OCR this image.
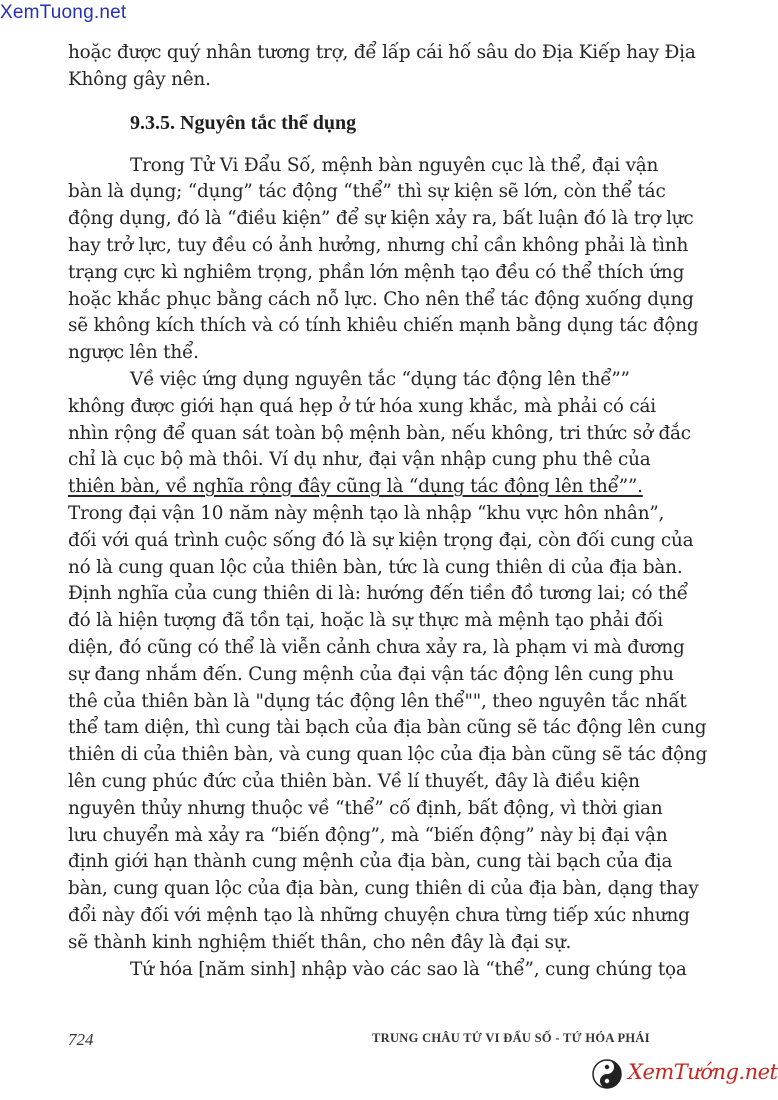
XemTuong.net
hoặc được quý nhân tương trợ, để lấp cái hố sâu do Địa Kiếp hay Địa
Không gây nên.
9.3.5. Nguyên tắc thể dụng
Trong Tử Vi Đẩu Số, mệnh bàn nguyên cục là thể, đại vận
bàn là dụng; “dụng” tác động “thể” thì sự kiện sẽ lớn, còn thể tác
động dụng, đó là “điều kiện” để sự kiện xảy ra, bất luận đó là trợ lực
hay trở lực, tuy đều có ảnh hưởng, nhưng chỉ cần không phải là tình
trạng cực kì nghiêm trọng, phần lớn mệnh tạo đều có thể thích ứng
hoặc khắc phục bằng cách nỗ lực. Cho nên thể tác động xuống dụng
sẽ không kích thích và có tính khiêu chiến mạnh bằng dụng tác động
ngược lên thể.
Về việc ứng dụng nguyên tắc “dụng tác động lên thể””
không được giới hạn quá hẹp ở tứ hóa xung khắc, mà phải có cái
nhìn rộng để quan sát toàn bộ mệnh bàn, nếu không, tri thức sở đắc
chỉ là cục bộ mà thôi. Ví dụ như, đại vận nhập cung phu thê của
thiên bàn, về nghĩa rộng đây cũng là “dụng tác động lên thể””.
Trong đại vận 10 năm này mệnh tạo là nhập “khu vực hôn nhân”,
đối với quá trình cuộc sống đó là sự kiện trọng đại, còn đối cung của
nó là cung quan lộc của thiên bàn, tức là cung thiên di của địa bàn.
Định nghĩa của cung thiên di là: hướng đến tiền đồ tương lai; có thể
đó là hiện tượng đã tồn tại, hoặc là sự thực mà mệnh tạo phải đối
diện, đó cũng có thể là viễn cảnh chưa xảy ra, là phạm vi mà đương
sự đang nhắm đến. Cung mệnh của đại vận tác động lên cung phu
thê của thiên bàn là "dụng tác động lên thể"", theo nguyên tắc nhất
thể tam diện, thì cung tài bạch của địa bàn cũng sẽ tác động lên cung
thiên di của thiên bàn, và cung quan lộc của địa bàn cũng sẽ tác động
lên cung phúc đức của thiên bàn. Về lí thuyết, đây là điều kiện
nguyên thủy nhưng thuộc về “thể” cố định, bất động, vì thời gian
lưu chuyển mà xảy ra “biến động”, mà “biến động” này bị đại vận
định giới hạn thành cung mệnh của địa bàn, cung tài bạch của địa
bàn, cung quan lộc của địa bàn, cung thiên di của địa bàn, dạng thay
đổi này đối với mệnh tạo là những chuyện chưa từng tiếp xúc nhưng
sẽ thành kinh nghiệm thiết thân, cho nên đây là đại sự.
Tứ hóa [năm sinh] nhập vào các sao là “thể”, cung chúng tọa
724	TRUNG CHÂU TỬ VI ĐẨU SỐ - TỨ HÓA PHÁI
XemTướng.net
